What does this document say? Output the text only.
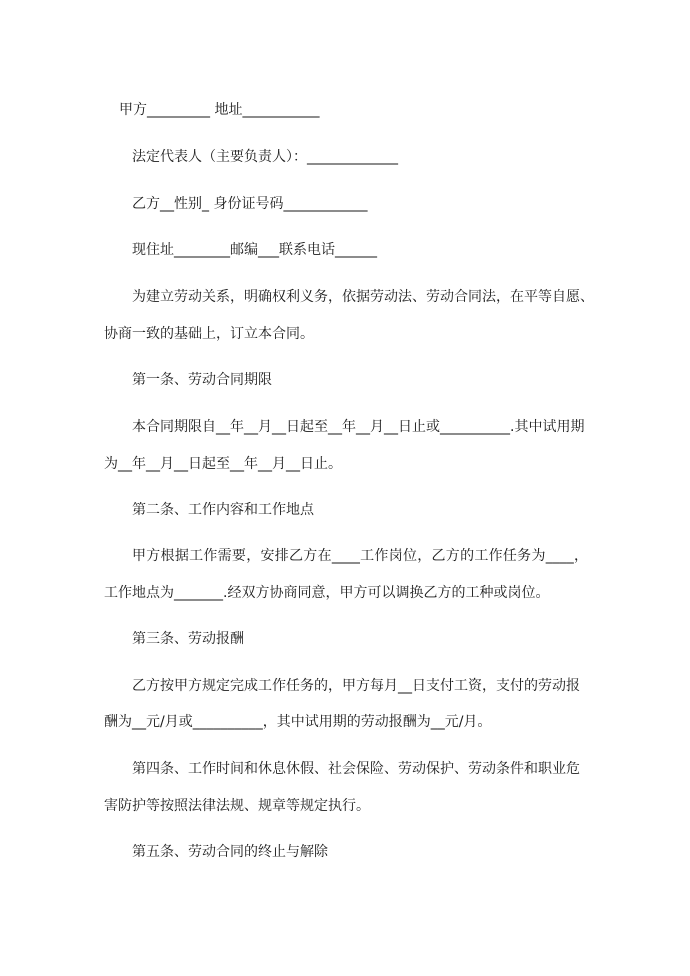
甲方_________ 地址___________
法定代表人（主要负责人）：_____________
乙方__性别_ 身份证号码____________
现住址________邮编___联系电话______
为建立劳动关系，明确权利义务，依据劳动法、劳动合同法，在平等自愿、
协商一致的基础上，订立本合同。
第一条、劳动合同期限
本合同期限自__年__月__日起至__年__月__日止或__________.其中试用期
为__年__月__日起至__年__月__日止。
第二条、工作内容和工作地点
甲方根据工作需要，安排乙方在____工作岗位，乙方的工作任务为____，
工作地点为_______.经双方协商同意，甲方可以调换乙方的工种或岗位。
第三条、劳动报酬
乙方按甲方规定完成工作任务的，甲方每月__日支付工资，支付的劳动报
酬为__元/月或__________，其中试用期的劳动报酬为__元/月。
第四条、工作时间和休息休假、社会保险、劳动保护、劳动条件和职业危
害防护等按照法律法规、规章等规定执行。
第五条、劳动合同的终止与解除
